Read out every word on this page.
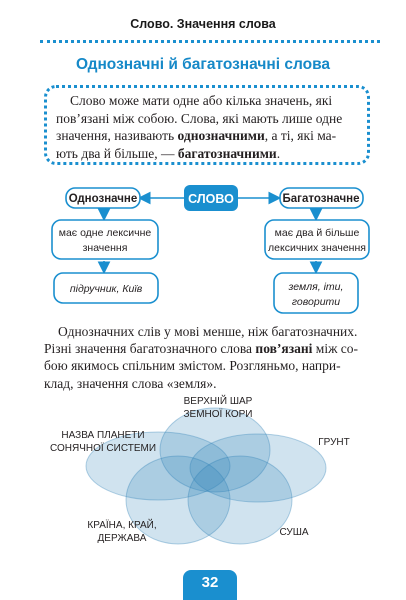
Слово. Значення слова
Однозначні й багатозначні слова
Слово може мати одне або кілька значень, які
пов’язані між собою. Слова, які мають лише одне
значення, називають однозначними, а ті, які ма-
ють два й більше, — багатозначними.
СЛОВО
Однозначне	Багатозначне
має одне лексичне
значення
має два й більше
лексичних значення
підручник, Київ	земля, іти,
говорити
Однозначних слів у мові менше, ніж багатозначних.
Різні значення багатозначного слова пов’язані між со-
бою якимось спільним змістом. Розгляньмо, напри-
клад, значення слова «земля».
ВЕРХНІЙ ШАР
ЗЕМНОЇ КОРИ
НАЗВА ПЛАНЕТИ
СОНЯЧНОЇ СИСТЕМИ
ГРУНТ
КРАЇНА, КРАЙ,
ДЕРЖАВА
СУША
32
